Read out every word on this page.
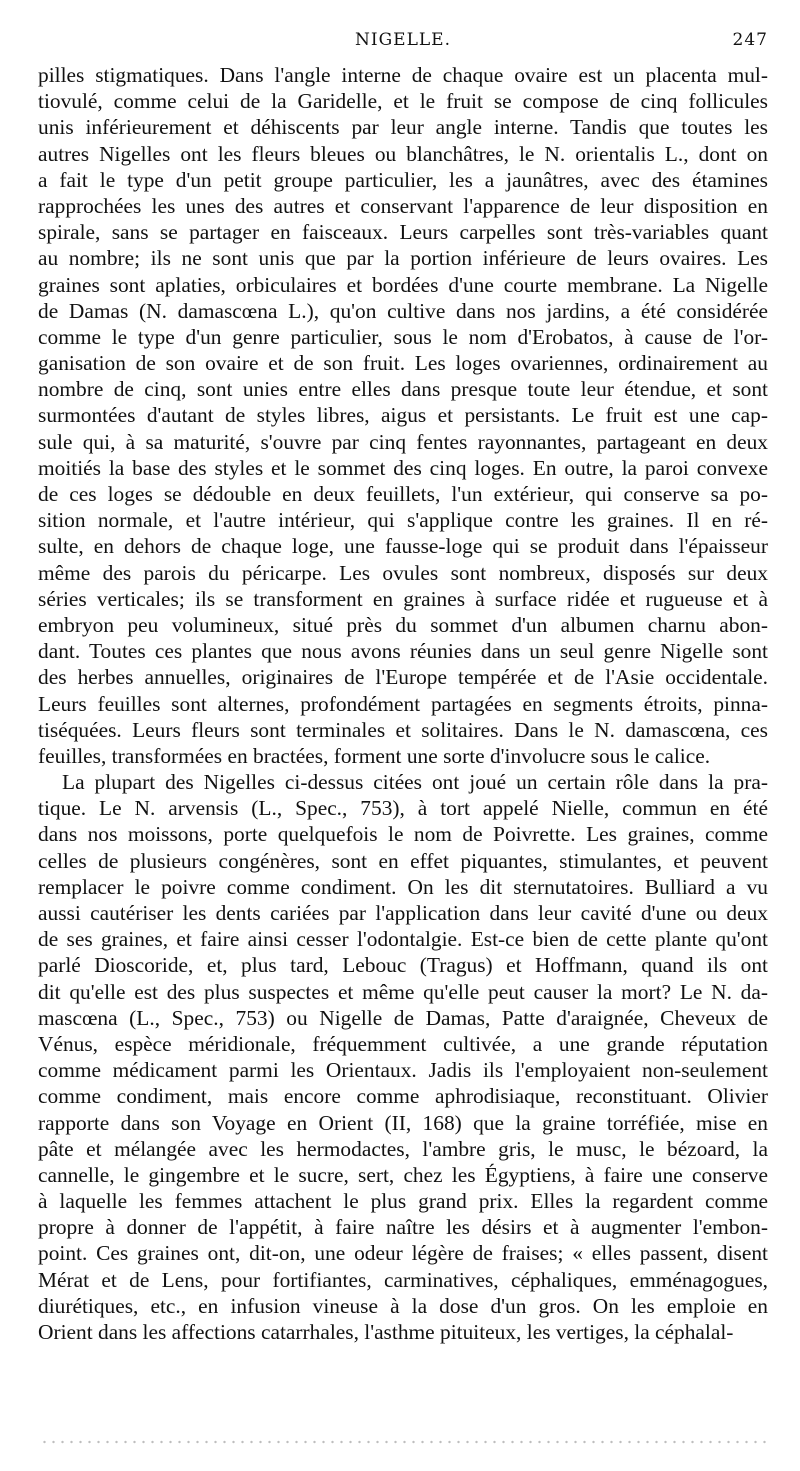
NIGELLE.	247
pilles stigmatiques. Dans l'angle interne de chaque ovaire est un placenta mul-
tiovulé, comme celui de la Garidelle, et le fruit se compose de cinq follicules
unis inférieurement et déhiscents par leur angle interne. Tandis que toutes les
autres Nigelles ont les fleurs bleues ou blanchâtres, le N. orientalis L., dont on
a fait le type d'un petit groupe particulier, les a jaunâtres, avec des étamines
rapprochées les unes des autres et conservant l'apparence de leur disposition en
spirale, sans se partager en faisceaux. Leurs carpelles sont très-variables quant
au nombre; ils ne sont unis que par la portion inférieure de leurs ovaires. Les
graines sont aplaties, orbiculaires et bordées d'une courte membrane. La Nigelle
de Damas (N. damascœna L.), qu'on cultive dans nos jardins, a été considérée
comme le type d'un genre particulier, sous le nom d'Erobatos, à cause de l'or-
ganisation de son ovaire et de son fruit. Les loges ovariennes, ordinairement au
nombre de cinq, sont unies entre elles dans presque toute leur étendue, et sont
surmontées d'autant de styles libres, aigus et persistants. Le fruit est une cap-
sule qui, à sa maturité, s'ouvre par cinq fentes rayonnantes, partageant en deux
moitiés la base des styles et le sommet des cinq loges. En outre, la paroi convexe
de ces loges se dédouble en deux feuillets, l'un extérieur, qui conserve sa po-
sition normale, et l'autre intérieur, qui s'applique contre les graines. Il en ré-
sulte, en dehors de chaque loge, une fausse-loge qui se produit dans l'épaisseur
même des parois du péricarpe. Les ovules sont nombreux, disposés sur deux
séries verticales; ils se transforment en graines à surface ridée et rugueuse et à
embryon peu volumineux, situé près du sommet d'un albumen charnu abon-
dant. Toutes ces plantes que nous avons réunies dans un seul genre Nigelle sont
des herbes annuelles, originaires de l'Europe tempérée et de l'Asie occidentale.
Leurs feuilles sont alternes, profondément partagées en segments étroits, pinna-
tiséquées. Leurs fleurs sont terminales et solitaires. Dans le N. damascœna, ces
feuilles, transformées en bractées, forment une sorte d'involucre sous le calice.
La plupart des Nigelles ci-dessus citées ont joué un certain rôle dans la pra-
tique. Le N. arvensis (L., Spec., 753), à tort appelé Nielle, commun en été
dans nos moissons, porte quelquefois le nom de Poivrette. Les graines, comme
celles de plusieurs congénères, sont en effet piquantes, stimulantes, et peuvent
remplacer le poivre comme condiment. On les dit sternutatoires. Bulliard a vu
aussi cautériser les dents cariées par l'application dans leur cavité d'une ou deux
de ses graines, et faire ainsi cesser l'odontalgie. Est-ce bien de cette plante qu'ont
parlé Dioscoride, et, plus tard, Lebouc (Tragus) et Hoffmann, quand ils ont
dit qu'elle est des plus suspectes et même qu'elle peut causer la mort? Le N. da-
mascœna (L., Spec., 753) ou Nigelle de Damas, Patte d'araignée, Cheveux de
Vénus, espèce méridionale, fréquemment cultivée, a une grande réputation
comme médicament parmi les Orientaux. Jadis ils l'employaient non-seulement
comme condiment, mais encore comme aphrodisiaque, reconstituant. Olivier
rapporte dans son Voyage en Orient (II, 168) que la graine torréfiée, mise en
pâte et mélangée avec les hermodactes, l'ambre gris, le musc, le bézoard, la
cannelle, le gingembre et le sucre, sert, chez les Égyptiens, à faire une conserve
à laquelle les femmes attachent le plus grand prix. Elles la regardent comme
propre à donner de l'appétit, à faire naître les désirs et à augmenter l'embon-
point. Ces graines ont, dit-on, une odeur légère de fraises; « elles passent, disent
Mérat et de Lens, pour fortifiantes, carminatives, céphaliques, emménagogues,
diurétiques, etc., en infusion vineuse à la dose d'un gros. On les emploie en
Orient dans les affections catarrhales, l'asthme pituiteux, les vertiges, la céphalal-
